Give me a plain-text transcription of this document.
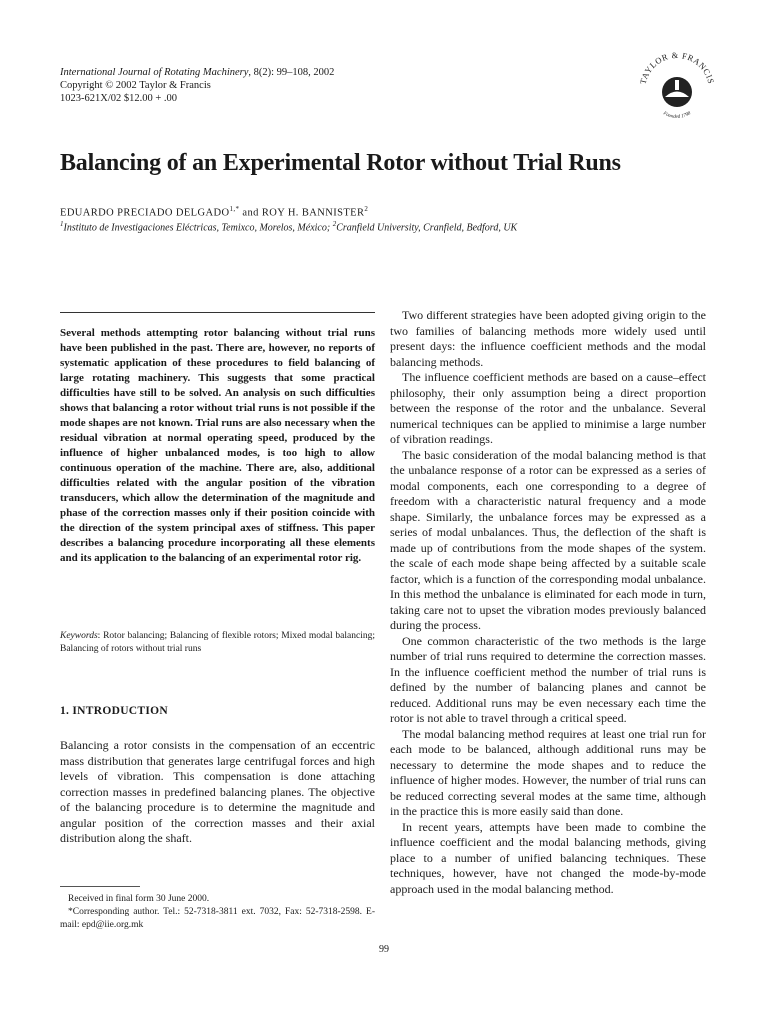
International Journal of Rotating Machinery, 8(2): 99–108, 2002
Copyright © 2002 Taylor & Francis
1023-621X/02 $12.00 + .00
TAYLOR & FRANCIS
Founded 1798
Balancing of an Experimental Rotor without Trial Runs
EDUARDO PRECIADO $DELGADO^{1,*}$ and ROY H. BANNISTER$^2$
$^1$Instituto de Investigaciones Eléctricas, Temixco, Morelos, México; $^2$Cranfield University, Cranfield, Bedford, UK
Several methods attempting rotor balancing without trial runs have been published in the past. There are, however, no reports of systematic application of these procedures to field balancing of large rotating machinery. This suggests that some practical difficulties have still to be solved. An analysis on such difficulties shows that balancing a rotor without trial runs is not possible if the mode shapes are not known. Trial runs are also necessary when the residual vibration at normal operating speed, produced by the influence of higher unbalanced modes, is too high to allow continuous operation of the machine. There are, also, additional difficulties related with the angular position of the vibration transducers, which allow the determination of the magnitude and phase of the correction masses only if their position coincide with the direction of the system principal axes of stiffness. This paper describes a balancing procedure incorporating all these elements and its application to the balancing of an experimental rotor rig.
Keywords: Rotor balancing; Balancing of flexible rotors; Mixed modal balancing; Balancing of rotors without trial runs
1. INTRODUCTION
Balancing a rotor consists in the compensation of an eccentric mass distribution that generates large centrifugal forces and high levels of vibration. This compensation is done attaching correction masses in predefined balancing planes. The objective of the balancing procedure is to determine the magnitude and angular position of the correction masses and their axial distribution along the shaft.

Received in final form 30 June 2000.

*Corresponding author. Tel.: 52-7318-3811 ext. 7032, Fax: 52-7318-2598. E-mail: epd@iie.org.mk

Two different strategies have been adopted giving origin to the two families of balancing methods more widely used until present days: the influence coefficient methods and the modal balancing methods.

The influence coefficient methods are based on a cause–effect philosophy, their only assumption being a direct proportion between the response of the rotor and the unbalance. Several numerical techniques can be applied to minimise a large number of vibration readings.

The basic consideration of the modal balancing method is that the unbalance response of a rotor can be expressed as a series of modal components, each one corresponding to a degree of freedom with a characteristic natural frequency and a mode shape. Similarly, the unbalance forces may be expressed as a series of modal unbalances. Thus, the deflection of the shaft is made up of contributions from the mode shapes of the system. the scale of each mode shape being affected by a suitable scale factor, which is a function of the corresponding modal unbalance. In this method the unbalance is eliminated for each mode in turn, taking care not to upset the vibration modes previously balanced during the process.

One common characteristic of the two methods is the large number of trial runs required to determine the correction masses. In the influence coefficient method the number of trial runs is defined by the number of balancing planes and cannot be reduced. Additional runs may be even necessary each time the rotor is not able to travel through a critical speed.

The modal balancing method requires at least one trial run for each mode to be balanced, although additional runs may be necessary to determine the mode shapes and to reduce the influence of higher modes. However, the number of trial runs can be reduced correcting several modes at the same time, although in the practice this is more easily said than done.

In recent years, attempts have been made to combine the influence coefficient and the modal balancing methods, giving place to a number of unified balancing techniques. These techniques, however, have not changed the mode-by-mode approach used in the modal balancing method.

99
